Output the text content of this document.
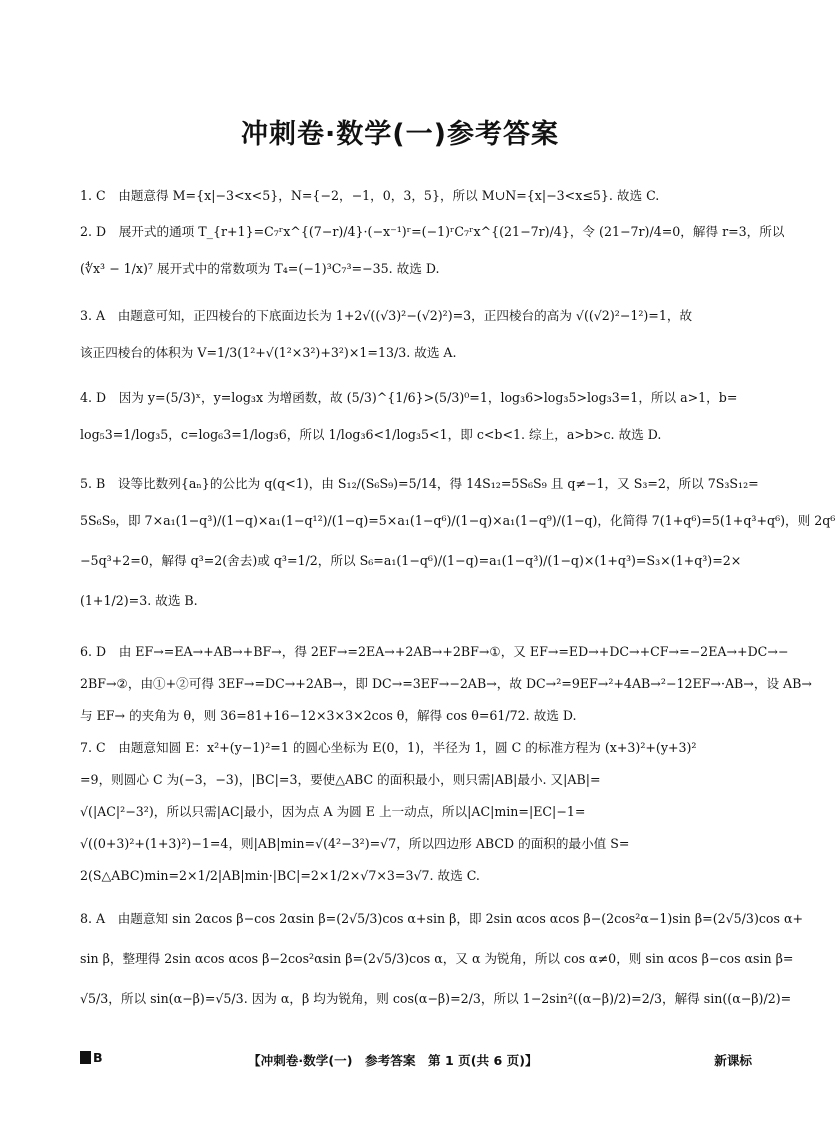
冲刺卷·数学(一)参考答案
1. C　由题意得 M={x|−3<x<5}，N={−2，−1，0，3，5}，所以 M∪N={x|−3<x≤5}. 故选 C.
2. D　展开式的通项 T_{r+1}=C₇ʳx^{(7−r)/4}·(−x⁻¹)ʳ=(−1)ʳC₇ʳx^{(21−7r)/4}，令 (21−7r)/4=0，解得 r=3，所以
(∜x³ − 1/x)⁷ 展开式中的常数项为 T₄=(−1)³C₇³=−35. 故选 D.
3. A　由题意可知，正四棱台的下底面边长为 1+2√((√3)²−(√2)²)=3，正四棱台的高为 √((√2)²−1²)=1，故
该正四棱台的体积为 V=1/3(1²+√(1²×3²)+3²)×1=13/3. 故选 A.
4. D　因为 y=(5/3)ˣ，y=log₃x 为增函数，故 (5/3)^{1/6}>(5/3)⁰=1，log₃6>log₃5>log₃3=1，所以 a>1，b=
log₅3=1/log₃5，c=log₆3=1/log₃6，所以 1/log₃6<1/log₃5<1，即 c<b<1. 综上，a>b>c. 故选 D.
5. B　设等比数列{aₙ}的公比为 q(q<1)，由 S₁₂/(S₆S₉)=5/14，得 14S₁₂=5S₆S₉ 且 q≠−1，又 S₃=2，所以 7S₃S₁₂=
5S₆S₉，即 7×a₁(1−q³)/(1−q)×a₁(1−q¹²)/(1−q)=5×a₁(1−q⁶)/(1−q)×a₁(1−q⁹)/(1−q)，化简得 7(1+q⁶)=5(1+q³+q⁶)，则 2q⁶
−5q³+2=0，解得 q³=2(舍去)或 q³=1/2，所以 S₆=a₁(1−q⁶)/(1−q)=a₁(1−q³)/(1−q)×(1+q³)=S₃×(1+q³)=2×
(1+1/2)=3. 故选 B.
6. D　由 EF→=EA→+AB→+BF→，得 2EF→=2EA→+2AB→+2BF→①，又 EF→=ED→+DC→+CF→=−2EA→+DC→−
2BF→②，由①+②可得 3EF→=DC→+2AB→，即 DC→=3EF→−2AB→，故 DC→²=9EF→²+4AB→²−12EF→·AB→，设 AB→
与 EF→ 的夹角为 θ，则 36=81+16−12×3×3×2cos θ，解得 cos θ=61/72. 故选 D.
7. C　由题意知圆 E：x²+(y−1)²=1 的圆心坐标为 E(0，1)，半径为 1，圆 C 的标准方程为 (x+3)²+(y+3)²
=9，则圆心 C 为(−3，−3)，|BC|=3，要使△ABC 的面积最小，则只需|AB|最小. 又|AB|=
√(|AC|²−3²)，所以只需|AC|最小，因为点 A 为圆 E 上一动点，所以|AC|min=|EC|−1=
√((0+3)²+(1+3)²)−1=4，则|AB|min=√(4²−3²)=√7，所以四边形 ABCD 的面积的最小值 S=
2(S△ABC)min=2×1/2|AB|min·|BC|=2×1/2×√7×3=3√7. 故选 C.
8. A　由题意知 sin 2αcos β−cos 2αsin β=(2√5/3)cos α+sin β，即 2sin αcos αcos β−(2cos²α−1)sin β=(2√5/3)cos α+
sin β，整理得 2sin αcos αcos β−2cos²αsin β=(2√5/3)cos α，又 α 为锐角，所以 cos α≠0，则 sin αcos β−cos αsin β=
√5/3，所以 sin(α−β)=√5/3. 因为 α，β 均为锐角，则 cos(α−β)=2/3，所以 1−2sin²((α−β)/2)=2/3，解得 sin((α−β)/2)=
B	【冲刺卷·数学(一)　参考答案　第 1 页(共 6 页)】	新课标
